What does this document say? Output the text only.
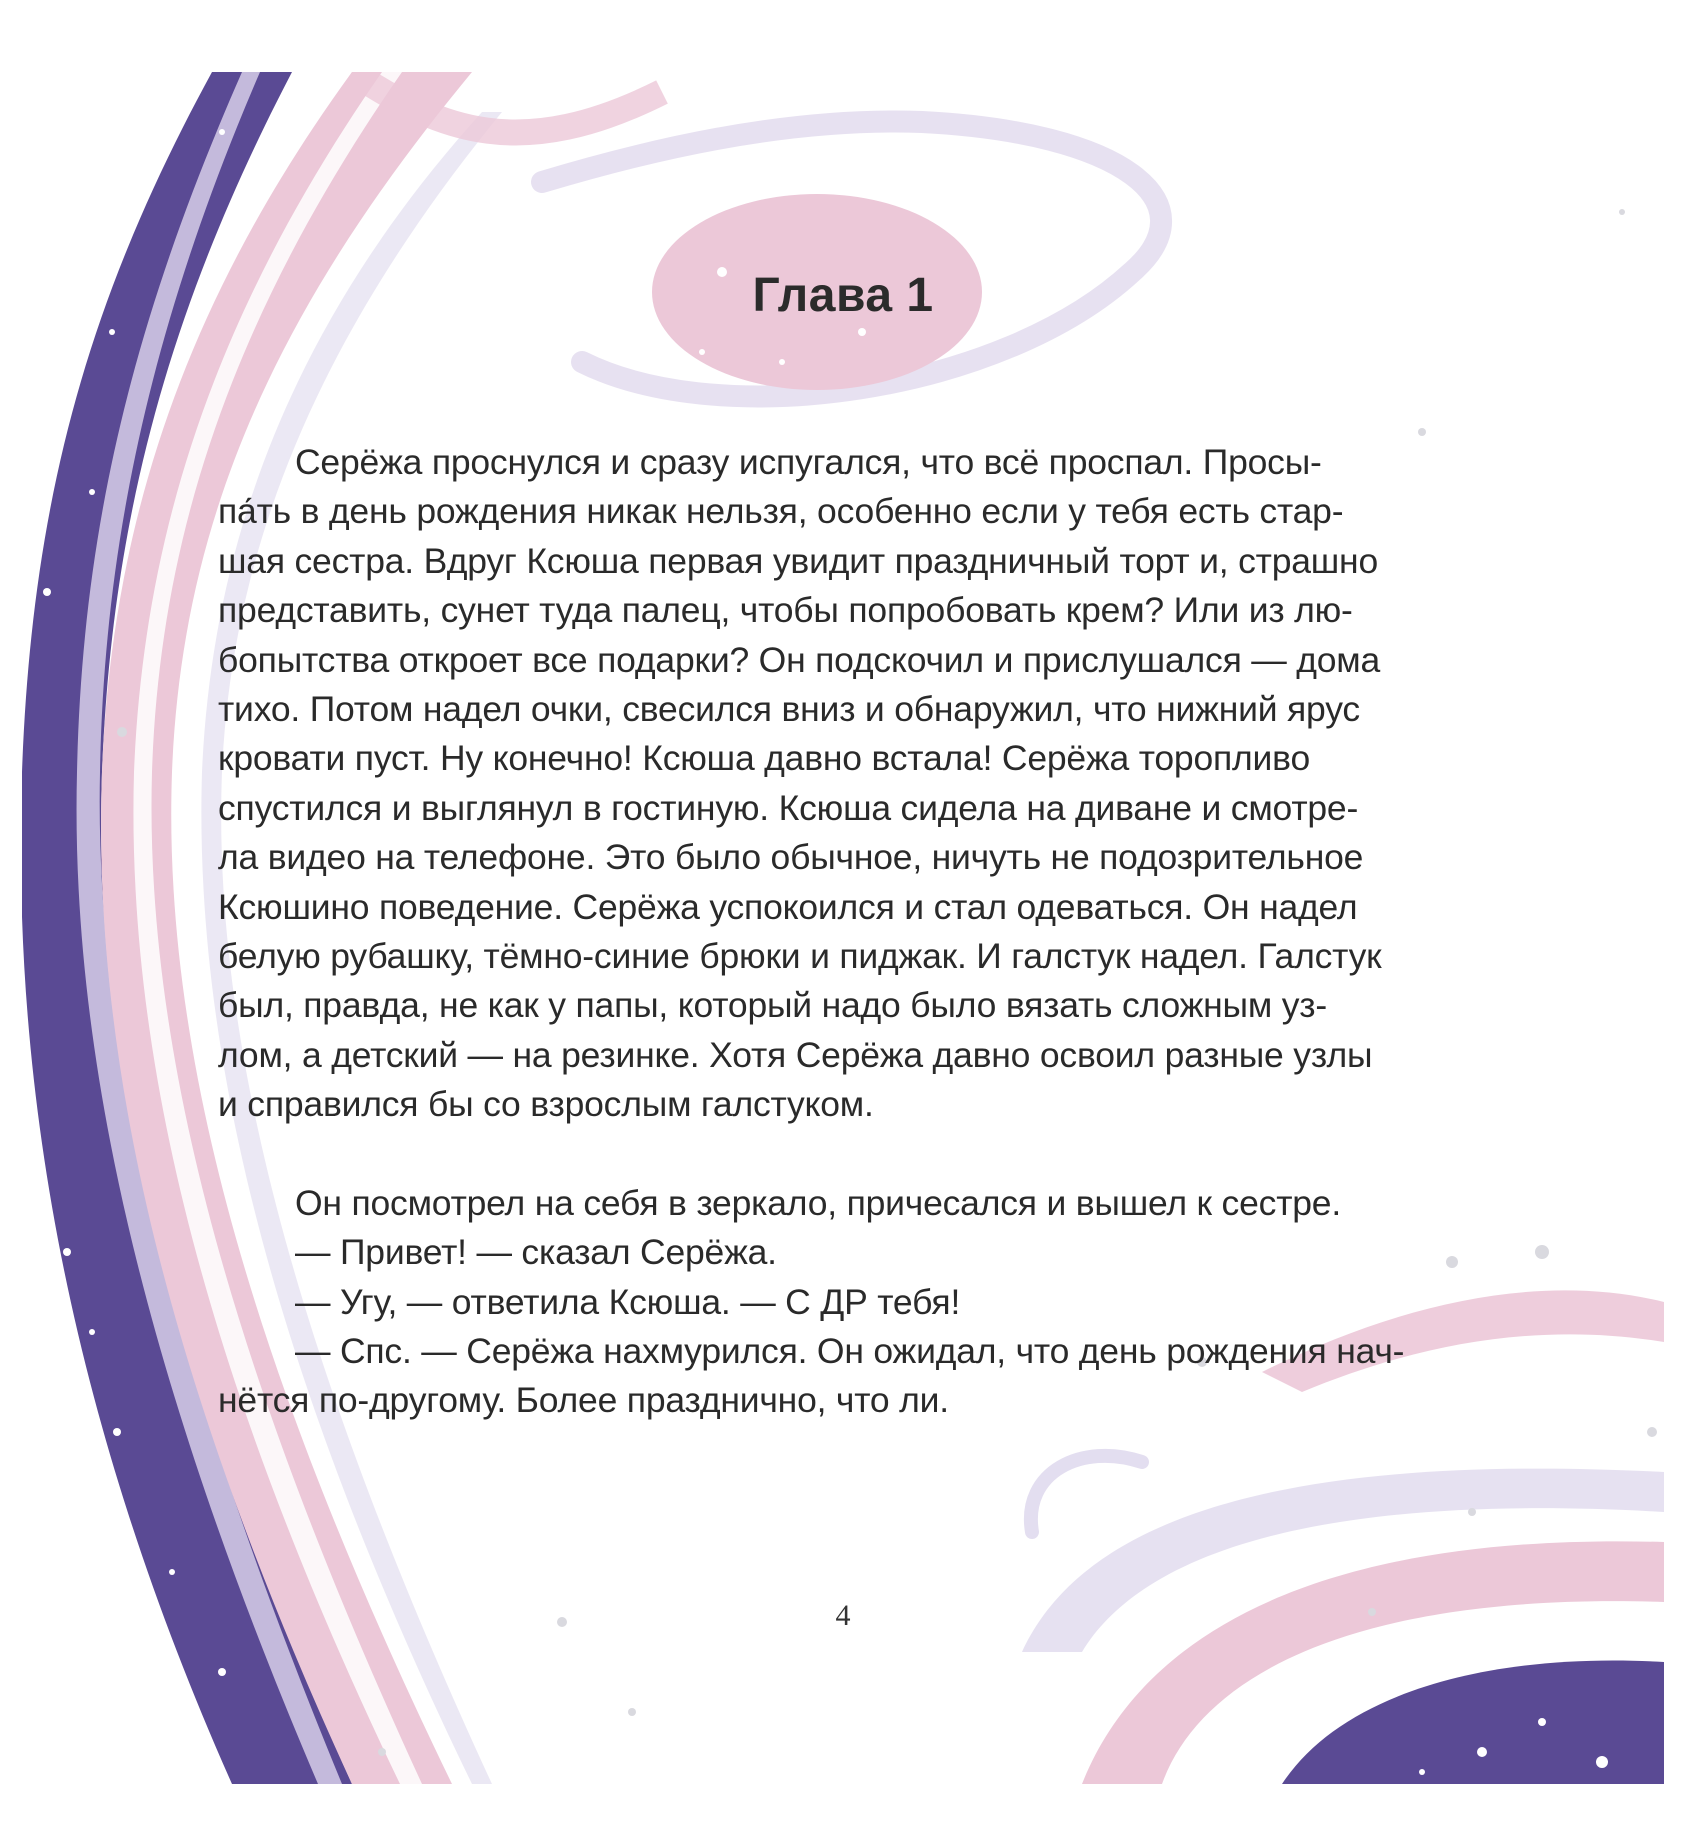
Глава 1
Серёжа проснулся и сразу испугался, что всё проспал. Просы-
па́ть в день рождения никак нельзя, особенно если у тебя есть стар-
шая сестра. Вдруг Ксюша первая увидит праздничный торт и, страшно
представить, сунет туда палец, чтобы попробовать крем? Или из лю-
бопытства откроет все подарки? Он подскочил и прислушался — дома
тихо. Потом надел очки, свесился вниз и обнаружил, что нижний ярус
кровати пуст. Ну конечно! Ксюша давно встала! Серёжа торопливо
спустился и выглянул в гостиную. Ксюша сидела на диване и смотре-
ла видео на телефоне. Это было обычное, ничуть не подозрительное
Ксюшино поведение. Серёжа успокоился и стал одеваться. Он надел
белую рубашку, тёмно-синие брюки и пиджак. И галстук надел. Галстук
был, правда, не как у папы, который надо было вязать сложным уз-
лом, а детский — на резинке. Хотя Серёжа давно освоил разные узлы
и справился бы со взрослым галстуком.
Он посмотрел на себя в зеркало, причесался и вышел к сестре.
— Привет! — сказал Серёжа.
— Угу, — ответила Ксюша. — С ДР тебя!
— Спс. — Серёжа нахмурился. Он ожидал, что день рождения нач-
нётся по-другому. Более празднично, что ли.
4
